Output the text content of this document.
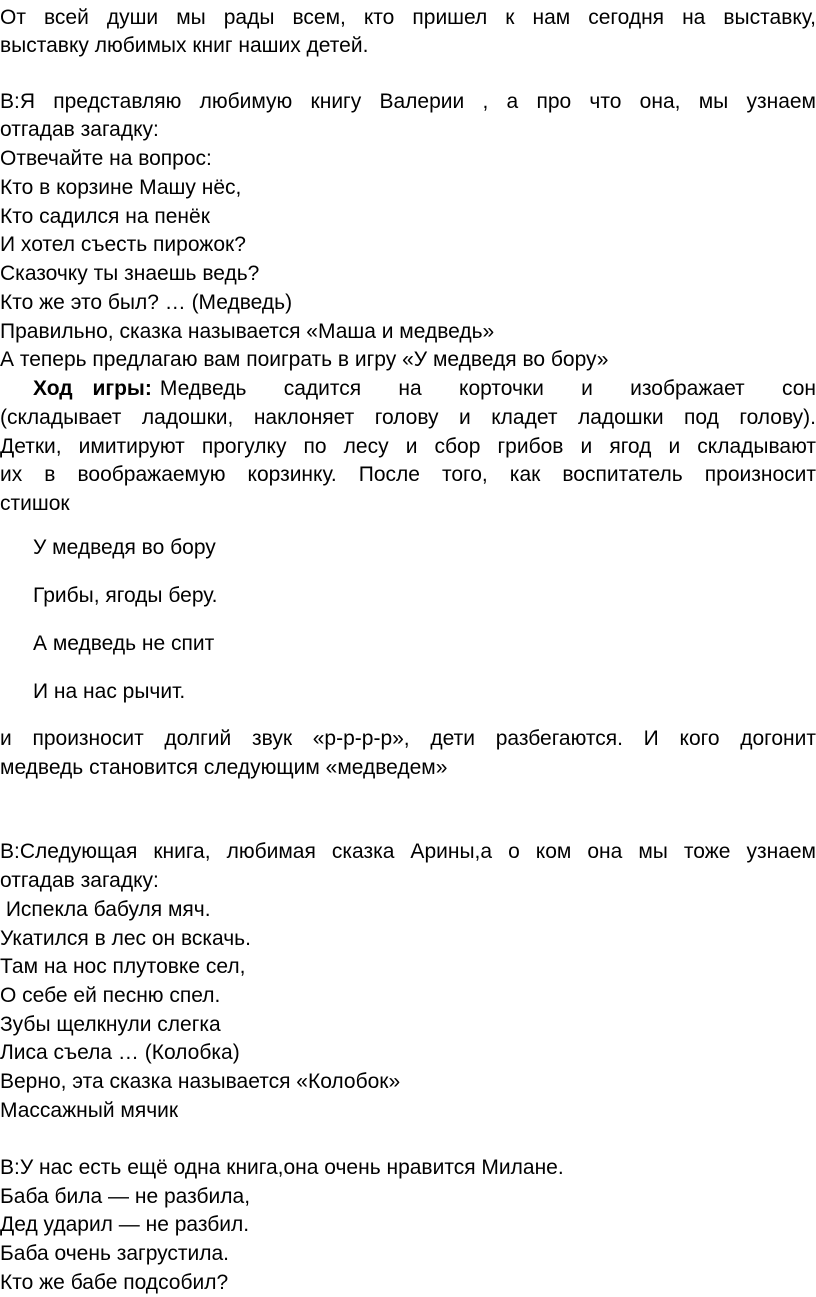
От всей души мы рады всем, кто пришел к нам сегодня на выставку,
выставку любимых книг наших детей.
В:Я представляю любимую книгу Валерии , а про что она, мы узнаем
отгадав загадку:
Отвечайте на вопрос:
Кто в корзине Машу нёс,
Кто садился на пенёк
И хотел съесть пирожок?
Сказочку ты знаешь ведь?
Кто же это был? … (Медведь)
Правильно, сказка называется «Маша и медведь»
А теперь предлагаю вам поиграть в игру «У медведя во бору»
Ход игры: Медведь садится на корточки и изображает сон
(складывает ладошки, наклоняет голову и кладет ладошки под голову).
Детки, имитируют прогулку по лесу и сбор грибов и ягод и складывают
их в воображаемую корзинку. После того, как воспитатель произносит
стишок
У медведя во бору
Грибы, ягоды беру.
А медведь не спит
И на нас рычит.
и произносит долгий звук «р-р-р-р», дети разбегаются. И кого догонит
медведь становится следующим «медведем»
В:Следующая книга, любимая сказка Арины,а о ком она мы тоже узнаем
отгадав загадку:
Испекла бабуля мяч.
Укатился в лес он вскачь.
Там на нос плутовке сел,
О себе ей песню спел.
Зубы щелкнули слегка
Лиса съела … (Колобка)
Верно, эта сказка называется «Колобок»
Массажный мячик
В:У нас есть ещё одна книга,она очень нравится Милане.
Баба била — не разбила,
Дед ударил — не разбил.
Баба очень загрустила.
Кто же бабе подсобил?
